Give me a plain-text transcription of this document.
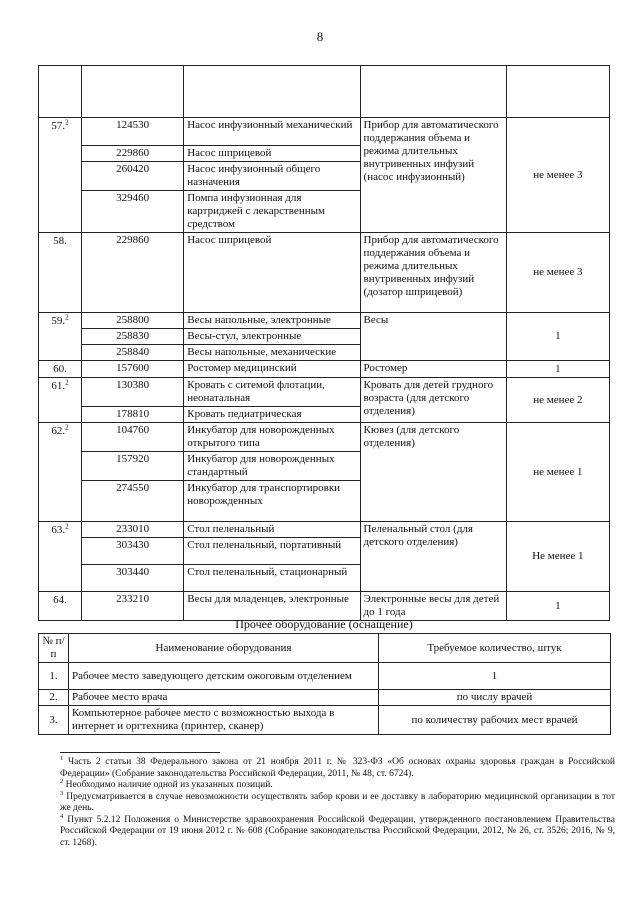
8

57.$^2$	124530	Насос инфузионный механический	Прибор для автоматического поддержания объема и режима длительных внутривенных инфузий (насос инфузионный)	не менее 3
	229860	Насос шприцевой		
	260420	Насос инфузионный общего назначения		
	329460	Помпа инфузионная для картриджей с лекарственным средством		
58.	229860	Насос шприцевой	Прибор для автоматического поддержания объема и режима длительных внутривенных инфузий (дозатор шприцевой)	не менее 3
59.$^2$	258800	Весы напольные, электронные	Весы	1
	258830	Весы-стул, электронные		
	258840	Весы напольные, механические		
60.	157600	Ростомер медицинский	Ростомер	1
61.$^2$	130380	Кровать с ситемой флотации, неонатальная	Кровать для детей грудного возраста (для детского отделения)	не менее 2
	178810	Кровать педиатрическая		
62.$^2$	104760	Инкубатор для новорожденных открытого типа	Кювез (для детского отделения)	не менее 1
	157920	Инкубатор для новорожденных стандартный		
	274550	Инкубатор для транспортировки новорожденных		
63.$^2$	233010	Стол пеленальный	Пеленальный стол (для детского отделения)	Не менее 1
	303430	Стол пеленальный, портативный		
	303440	Стол пеленальный, стационарный		
64.	233210	Весы для младенцев, электронные	Электронные весы для детей до 1 года	1
Прочее оборудование (оснащение)
№ п/п	Наименование оборудования	Требуемое количество, штук
1.	Рабочее место заведующего детским ожоговым отделением	1
2.	Рабочее место врача	по числу врачей
3.	Компьютерное рабочее место с возможностью выхода в интернет и оргтехника (принтер, сканер)	по количеству рабочих мест врачей

$^1$ Часть 2 статьи 38 Федерального закона от 21 ноября 2011 г. № 323-ФЗ «Об основах охраны здоровья граждан в Российской Федерации» (Собрание законодательства Российской Федерации, 2011, № 48, ст. 6724).

$^2$ Необходимо наличие одной из указанных позиций.

$^3$ Предусматривается в случае невозможности осуществлять забор крови и ее доставку в лабораторию медицинской организации в тот же день.

$^4$ Пункт 5.2.12 Положения о Министерстве здравоохранения Российской Федерации, утвержденного постановлением Правительства Российской Федерации от 19 июня 2012 г. № 608 (Собрание законодательства Российской Федерации, 2012, № 26, ст. 3526; 2016, № 9, ст. 1268).
